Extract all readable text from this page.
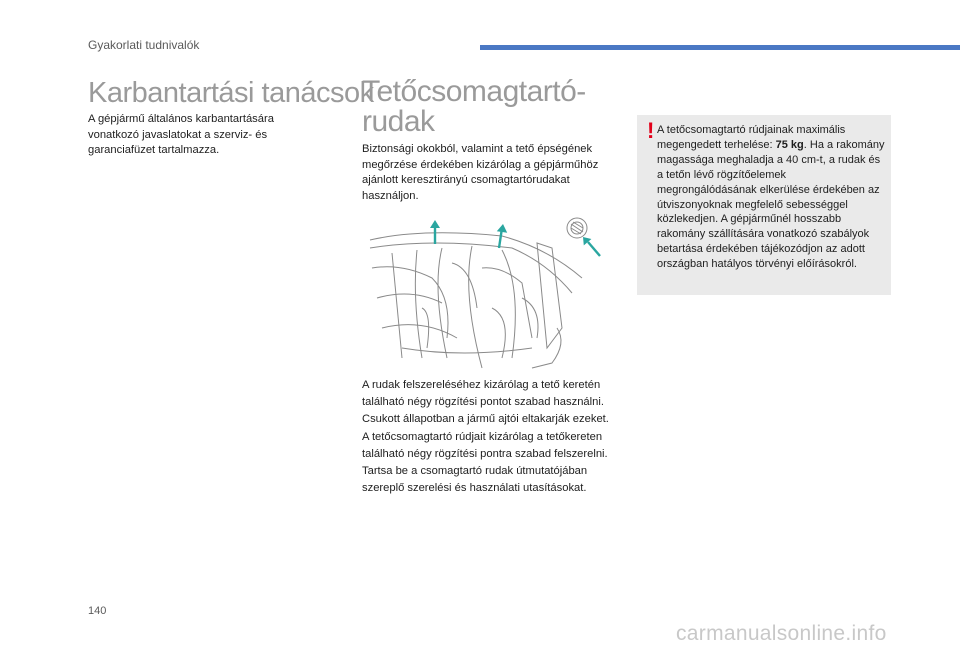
Gyakorlati tudnivalók
Karbantartási tanácsok

A gépjármű általános karbantartására vonatkozó javaslatokat a szerviz- és garanciafüzet tartalmazza.

Tetőcsomagtartó-rudak

Biztonsági okokból, valamint a tető épségének megőrzése érdekében kizárólag a gépjárműhöz ajánlott keresztirányú csomagtartórudakat használjon.

A rudak felszereléséhez kizárólag a tető keretén található négy rögzítési pontot szabad használni. Csukott állapotban a jármű ajtói eltakarják ezeket.
A tetőcsomagtartó rúdjait kizárólag a tetőkereten található négy rögzítési pontra szabad felszerelni.
Tartsa be a csomagtartó rudak útmutatójában szereplő szerelési és használati utasításokat.
! A tetőcsomagtartó rúdjainak maximális megengedett terhelése: 75 kg. Ha a rakomány magassága meghaladja a 40 cm-t, a rudak és a tetőn lévő rögzítőelemek megrongálódásának elkerülése érdekében az útviszonyoknak megfelelő sebességgel közlekedjen. A gépjárműnél hosszabb rakomány szállítására vonatkozó szabályok betartása érdekében tájékozódjon az adott országban hatályos törvényi előírásokról.
140
carmanualsonline.info
